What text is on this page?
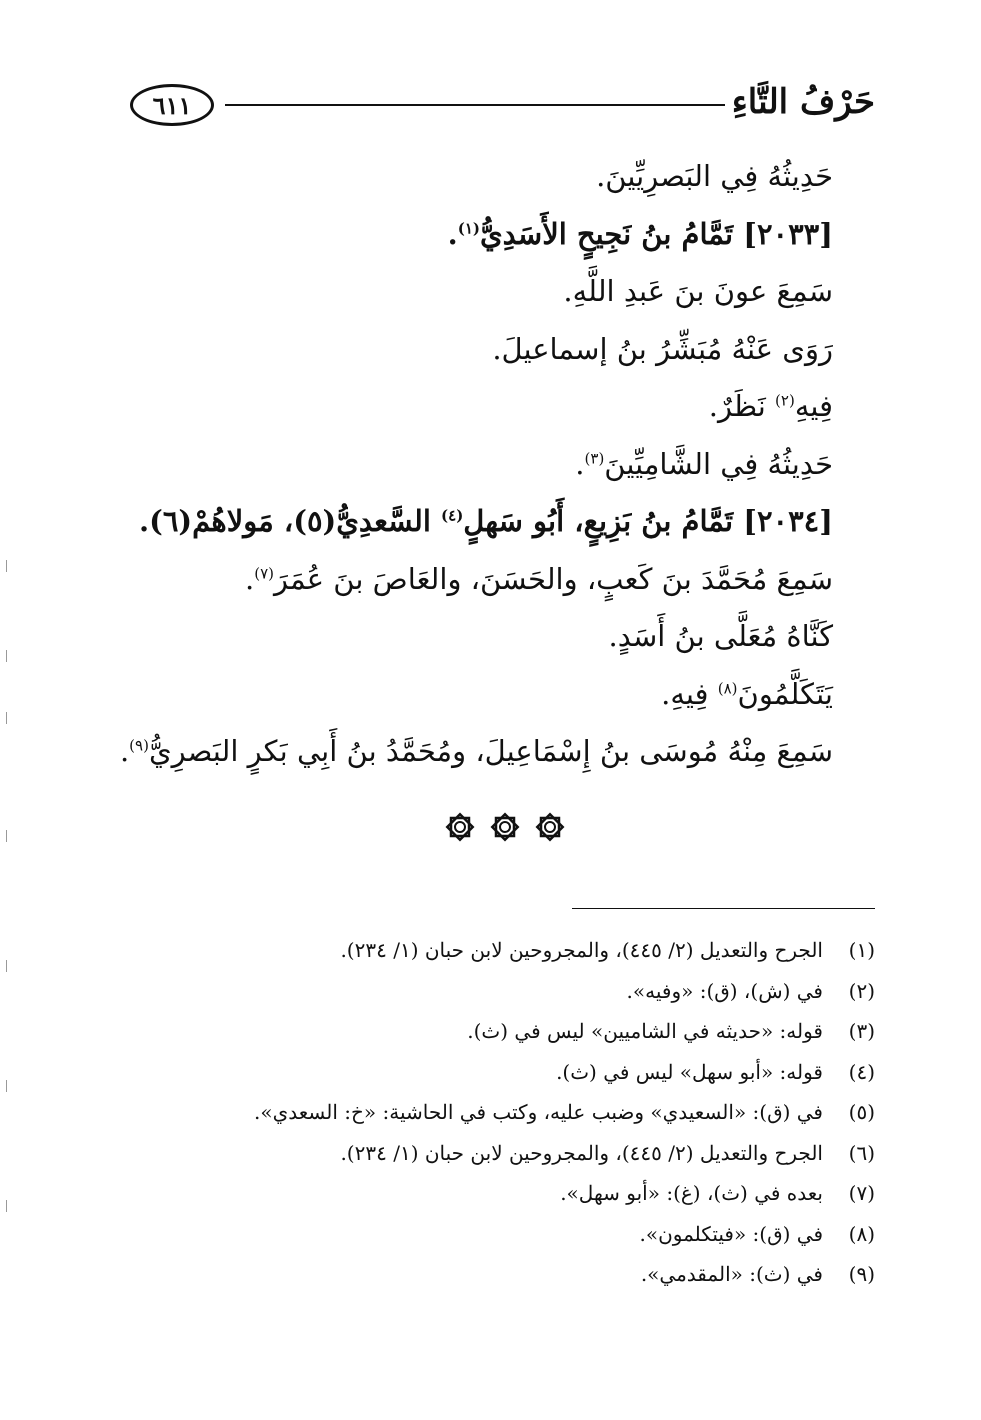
٦١١	حَرْفُ التَّاءِ
حَدِيثُهُ فِي البَصرِيِّينَ.
[٢٠٣٣] تَمَّامُ بنُ نَجِيحٍ الأَسَدِيُّ$^{(١)}$.
سَمِعَ عونَ بنَ عَبدِ اللَّهِ.
رَوَى عَنْهُ مُبَشِّرُ بنُ إسماعيلَ.
فِيهِ$^{(٢)}$ نَظَرٌ.
حَدِيثُهُ فِي الشَّامِيِّينَ$^{(٣)}$.
[٢٠٣٤] تَمَّامُ بنُ بَزِيعٍ، أَبُو سَهلٍ$^{(٤)}$ السَّعدِيُّ(٥)، مَولاهُمْ(٦).
سَمِعَ مُحَمَّدَ بنَ كَعبٍ، والحَسَنَ، والعَاصَ بنَ عُمَرَ$^{(٧)}$.
كَنَّاهُ مُعَلَّى بنُ أَسَدٍ.
يَتَكَلَّمُونَ$^{(٨)}$ فِيهِ.
سَمِعَ مِنْهُ مُوسَى بنُ إِسْمَاعِيلَ، ومُحَمَّدُ بنُ أَبِي بَكرٍ البَصرِيُّ$^{(٩)}$.
(١)الجرح والتعديل (٢/ ٤٤٥)، والمجروحين لابن حبان (١/ ٢٣٤).
(٢)في (ش)، (ق): «وفيه».
(٣)قوله: «حديثه في الشاميين» ليس في (ث).
(٤)قوله: «أبو سهل» ليس في (ث).
(٥)في (ق): «السعيدي» وضبب عليه، وكتب في الحاشية: «خ: السعدي».
(٦)الجرح والتعديل (٢/ ٤٤٥)، والمجروحين لابن حبان (١/ ٢٣٤).
(٧)بعده في (ث)، (غ): «أبو سهل».
(٨)في (ق): «فيتكلمون».
(٩)في (ث): «المقدمي».
